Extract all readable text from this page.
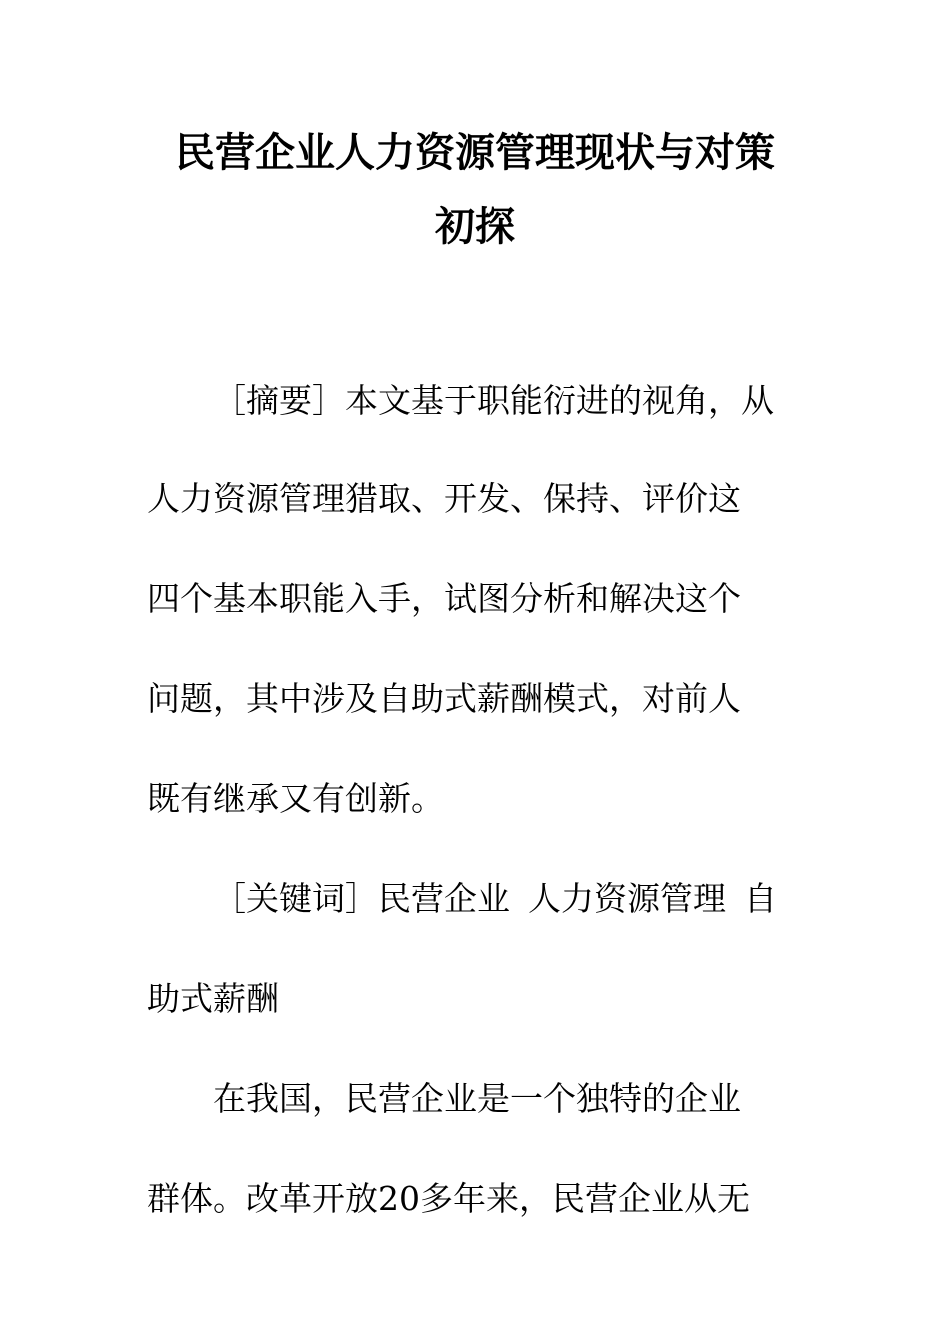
民营企业人力资源管理现状与对策
初探

［摘要］本文基于职能衍进的视角，从

人力资源管理猎取、开发、保持、评价这

四个基本职能入手，试图分析和解决这个

问题，其中涉及自助式薪酬模式，对前人

既有继承又有创新。

［关键词］民营企业 人力资源管理 自

助式薪酬

在我国，民营企业是一个独特的企业

群体。改革开放20多年来，民营企业从无
